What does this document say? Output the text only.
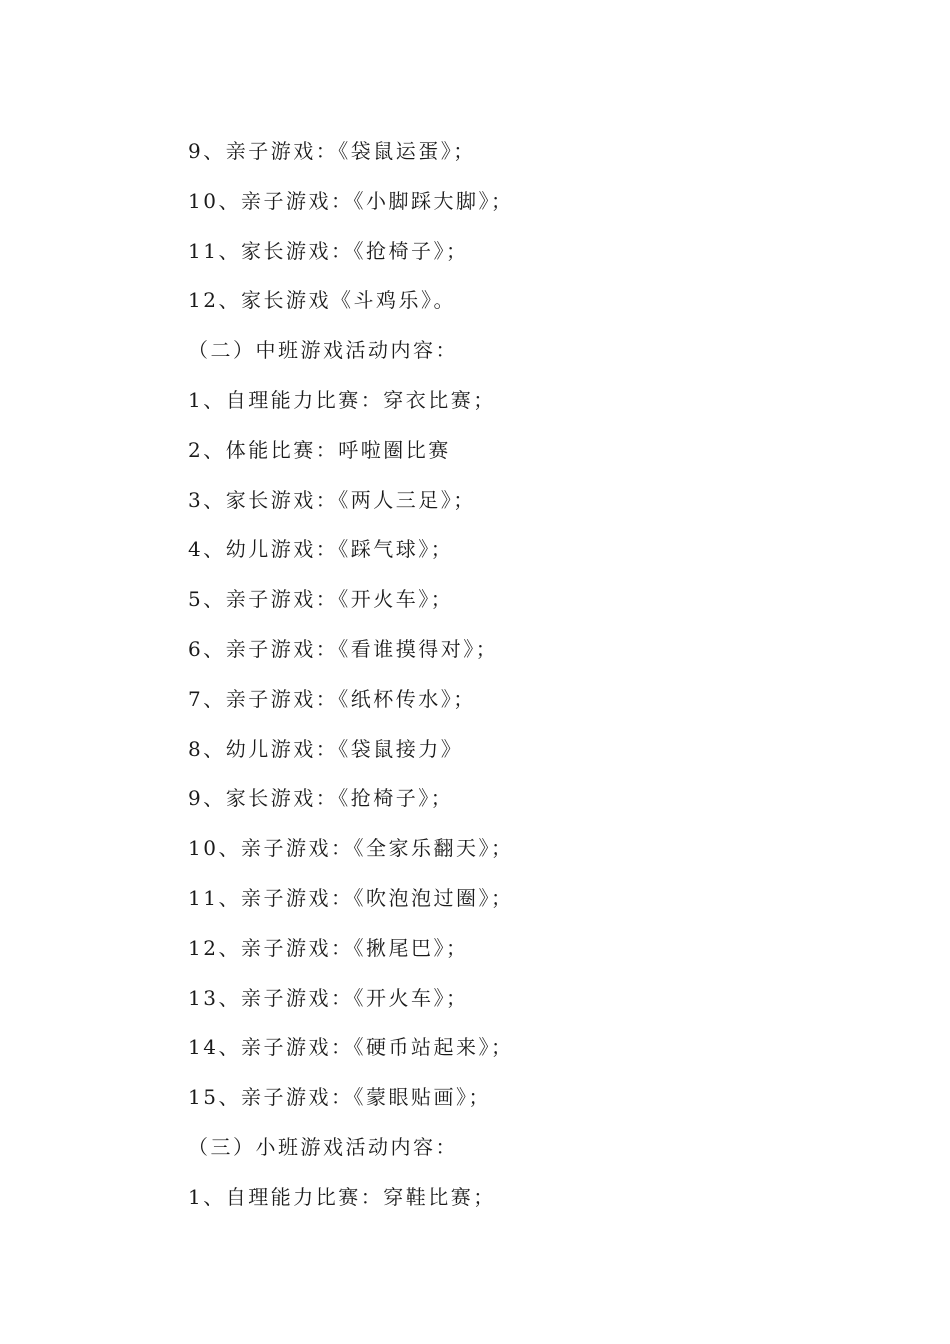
9、亲子游戏：《袋鼠运蛋》；
10、亲子游戏：《小脚踩大脚》；
11、家长游戏：《抢椅子》；
12、家长游戏《斗鸡乐》。
（二）中班游戏活动内容：
1、自理能力比赛：穿衣比赛；
2、体能比赛：呼啦圈比赛
3、家长游戏：《两人三足》；
4、幼儿游戏：《踩气球》；
5、亲子游戏：《开火车》；
6、亲子游戏：《看谁摸得对》；
7、亲子游戏：《纸杯传水》；
8、幼儿游戏：《袋鼠接力》
9、家长游戏：《抢椅子》；
10、亲子游戏：《全家乐翻天》；
11、亲子游戏：《吹泡泡过圈》；
12、亲子游戏：《揪尾巴》；
13、亲子游戏：《开火车》；
14、亲子游戏：《硬币站起来》；
15、亲子游戏：《蒙眼贴画》；
（三）小班游戏活动内容：
1、自理能力比赛：穿鞋比赛；
